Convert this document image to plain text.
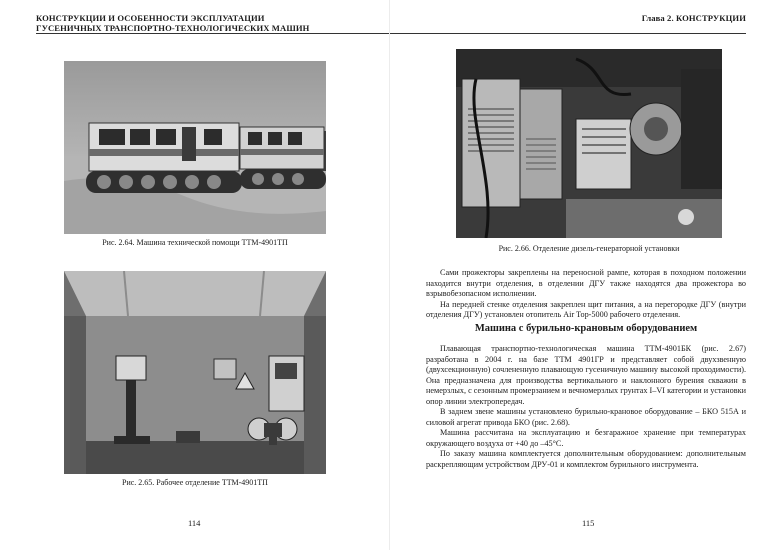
КОНСТРУКЦИИ И ОСОБЕННОСТИ ЭКСПЛУАТАЦИИ
ГУСЕНИЧНЫХ ТРАНСПОРТНО-ТЕХНОЛОГИЧЕСКИХ МАШИН
Рис. 2.64. Машина технической помощи ТТМ-4901ТП
Рис. 2.65. Рабочее отделение ТТМ-4901ТП
114
Глава 2. КОНСТРУКЦИИ
Рис. 2.66. Отделение дизель-генераторной установки

Сами прожекторы закреплены на переносной рампе, которая в походном положении находится внутри отделения, в отделении ДГУ также находятся два прожектора во взрывобезопасном исполнении.

На передней стенке отделения закреплен щит питания, а на перегородке ДГУ (внутри отделения ДГУ) установлен отопитель Air Top-5000 рабочего отделения.

Машина с бурильно-крановым оборудованием

Плавающая транспортно-технологическая машина ТТМ-4901БК (рис. 2.67) разработана в 2004 г. на базе ТТМ 4901ГР и представляет собой двухзвенную (двухсекционную) сочлененную плавающую гусеничную машину высокой проходимости). Она предназначена для производства вертикального и наклонного бурения скважин в немерзлых, с сезонным промерзанием и вечномерзлых грунтах I–VI категории и установки опор линии электропередач.

В заднем звене машины установлено бурильно-крановое оборудование – БКО 515А и силовой агрегат привода БКО (рис. 2.68).

Машина рассчитана на эксплуатацию и безгаражное хранение при температурах окружающего воздуха от +40 до –45°С.

По заказу машина комплектуется дополнительным оборудованием: дополнительным раскрепляющим устройством ДРУ-01 и комплектом бурильного инструмента.

115
